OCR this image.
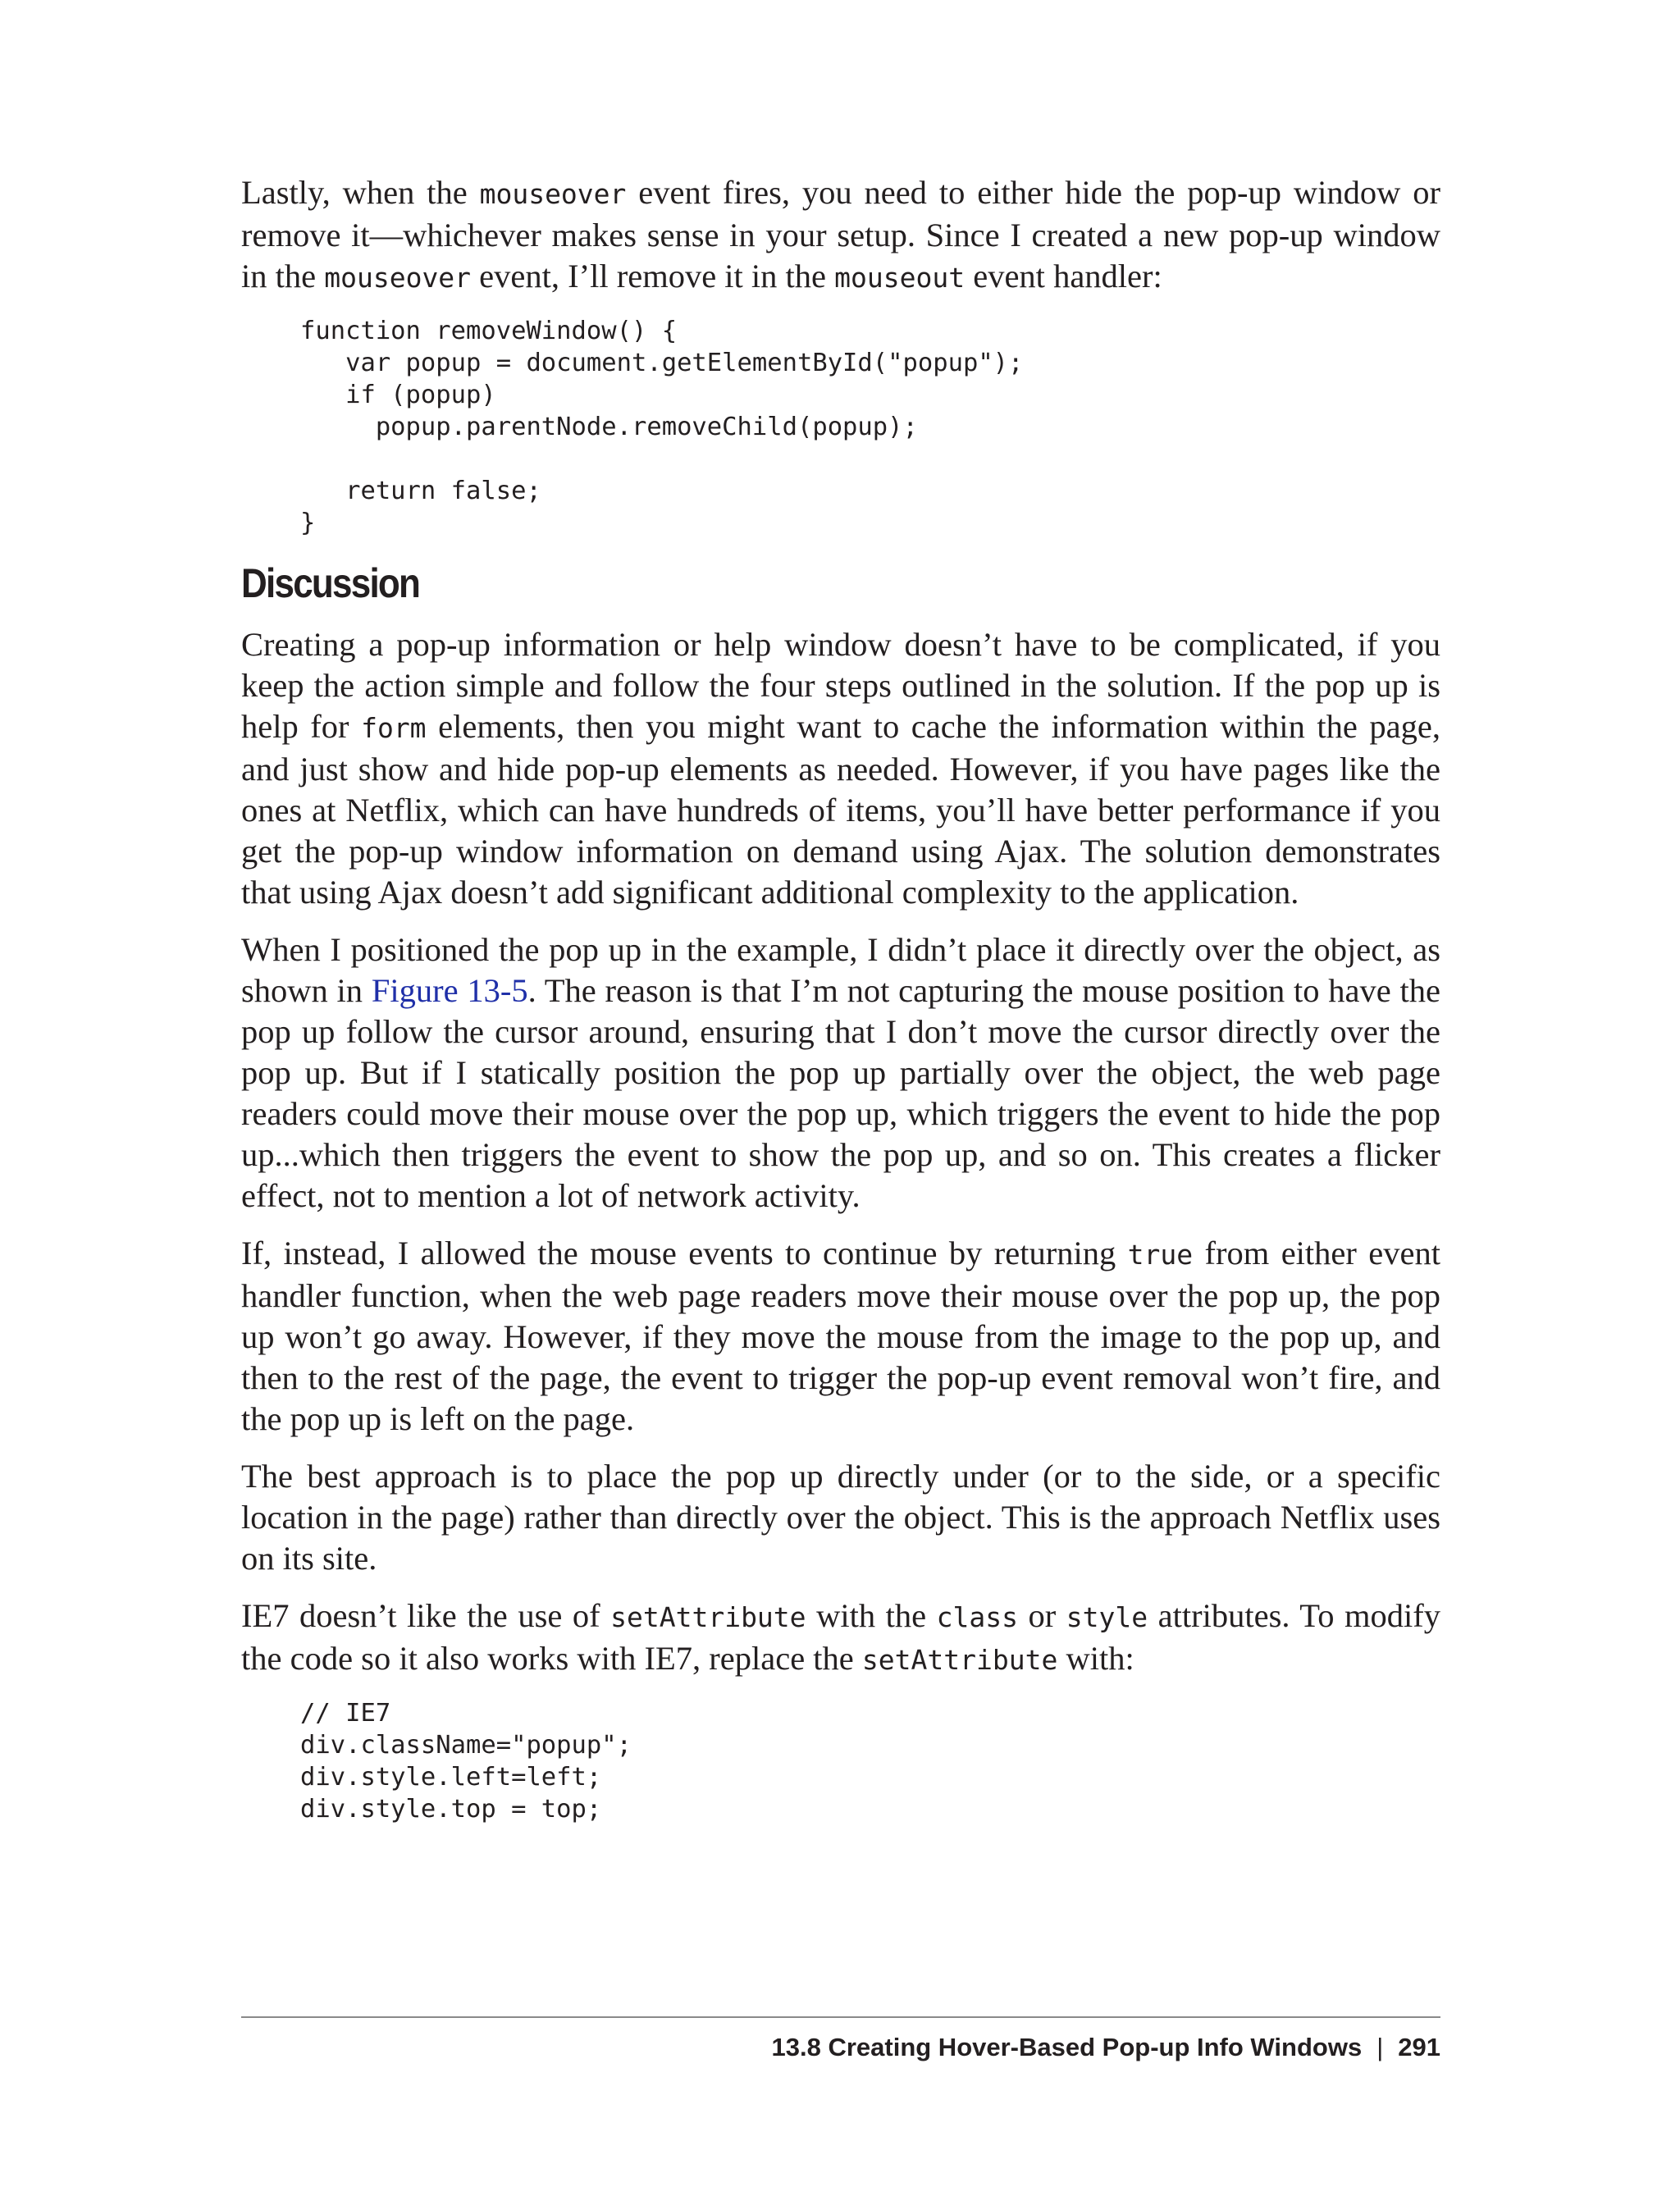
Lastly, when the mouseover event fires, you need to either hide the pop-up window or remove it—whichever makes sense in your setup. Since I created a new pop-up window in the mouseover event, I’ll remove it in the mouseout event handler:

function removeWindow() {
var popup = document.getElementById("popup");
if (popup)
popup.parentNode.removeChild(popup);

return false;
}
Discussion

Creating a pop-up information or help window doesn’t have to be complicated, if you keep the action simple and follow the four steps outlined in the solution. If the pop up is help for form elements, then you might want to cache the information within the page, and just show and hide pop-up elements as needed. However, if you have pages like the ones at Netflix, which can have hundreds of items, you’ll have better performance if you get the pop-up window information on demand using Ajax. The solution demonstrates that using Ajax doesn’t add significant additional complexity to the application.

When I positioned the pop up in the example, I didn’t place it directly over the object, as shown in Figure 13-5. The reason is that I’m not capturing the mouse position to have the pop up follow the cursor around, ensuring that I don’t move the cursor directly over the pop up. But if I statically position the pop up partially over the object, the web page readers could move their mouse over the pop up, which triggers the event to hide the pop up...which then triggers the event to show the pop up, and so on. This creates a flicker effect, not to mention a lot of network activity.

If, instead, I allowed the mouse events to continue by returning true from either event handler function, when the web page readers move their mouse over the pop up, the pop up won’t go away. However, if they move the mouse from the image to the pop up, and then to the rest of the page, the event to trigger the pop-up event removal won’t fire, and the pop up is left on the page.

The best approach is to place the pop up directly under (or to the side, or a specific location in the page) rather than directly over the object. This is the approach Netflix uses on its site.

IE7 doesn’t like the use of setAttribute with the class or style attributes. To modify the code so it also works with IE7, replace the setAttribute with:

// IE7
div.className="popup";
div.style.left=left;
div.style.top = top;
13.8 Creating Hover-Based Pop-up Info Windows | 291
